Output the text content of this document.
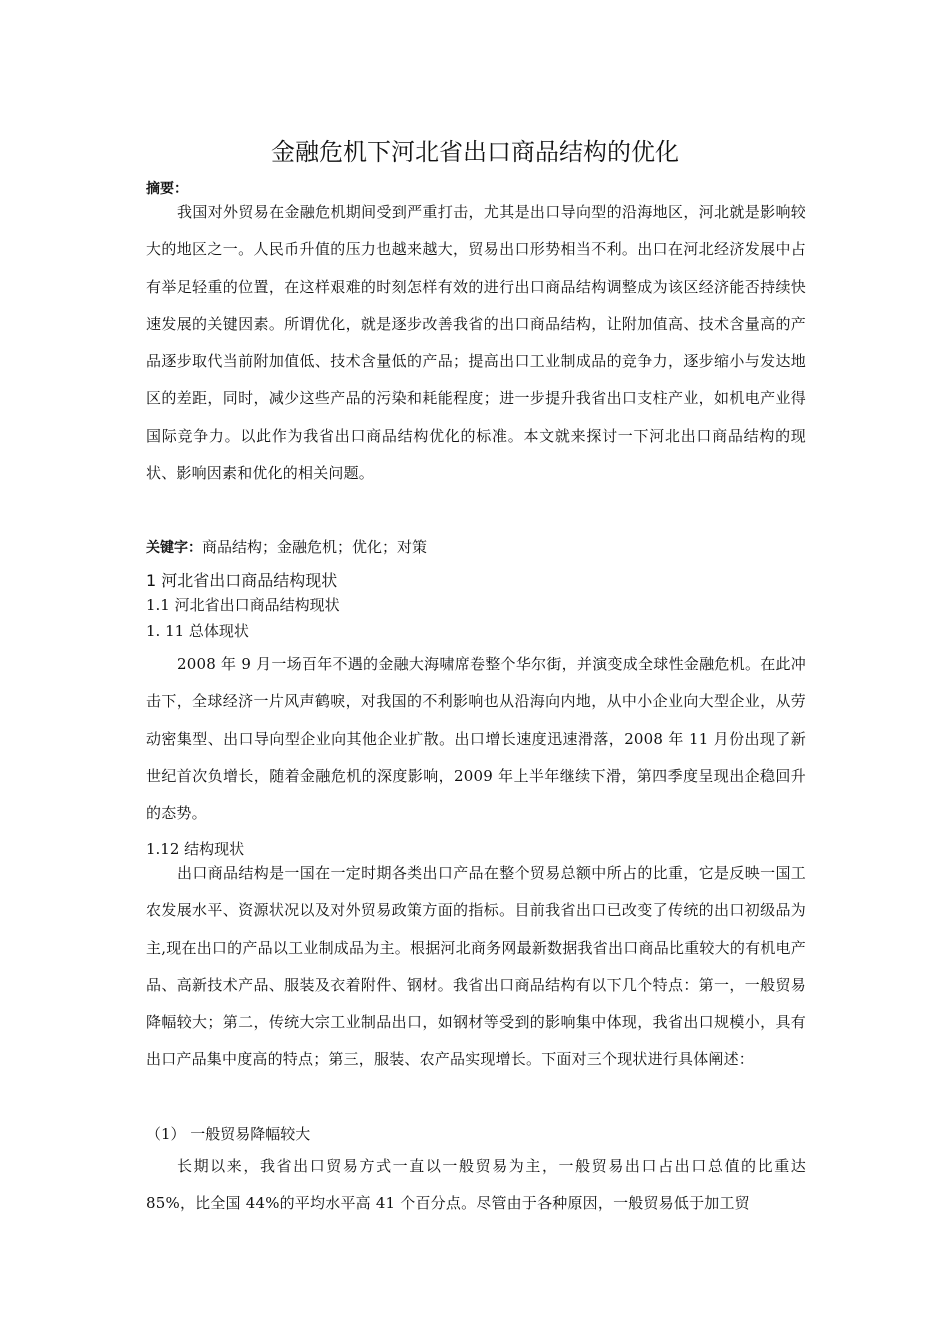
金融危机下河北省出口商品结构的优化
摘要：

我国对外贸易在金融危机期间受到严重打击，尤其是出口导向型的沿海地区，河北就是影响较大的地区之一。人民币升值的压力也越来越大，贸易出口形势相当不利。出口在河北经济发展中占有举足轻重的位置，在这样艰难的时刻怎样有效的进行出口商品结构调整成为该区经济能否持续快速发展的关键因素。所谓优化，就是逐步改善我省的出口商品结构，让附加值高、技术含量高的产品逐步取代当前附加值低、技术含量低的产品；提高出口工业制成品的竞争力，逐步缩小与发达地区的差距，同时，减少这些产品的污染和耗能程度；进一步提升我省出口支柱产业，如机电产业得国际竞争力。以此作为我省出口商品结构优化的标准。本文就来探讨一下河北出口商品结构的现状、影响因素和优化的相关问题。

关键字：商品结构；金融危机；优化；对策
1 河北省出口商品结构现状
1.1 河北省出口商品结构现状
1. 11 总体现状

2008 年 9 月一场百年不遇的金融大海啸席卷整个华尔街，并演变成全球性金融危机。在此冲击下，全球经济一片风声鹤唳，对我国的不利影响也从沿海向内地，从中小企业向大型企业，从劳动密集型、出口导向型企业向其他企业扩散。出口增长速度迅速滑落，2008 年 11 月份出现了新世纪首次负增长，随着金融危机的深度影响，2009 年上半年继续下滑，第四季度呈现出企稳回升的态势。

1.12 结构现状

出口商品结构是一国在一定时期各类出口产品在整个贸易总额中所占的比重，它是反映一国工农发展水平、资源状况以及对外贸易政策方面的指标。目前我省出口已改变了传统的出口初级品为主,现在出口的产品以工业制成品为主。根据河北商务网最新数据我省出口商品比重较大的有机电产品、高新技术产品、服装及衣着附件、钢材。我省出口商品结构有以下几个特点：第一，一般贸易降幅较大；第二，传统大宗工业制品出口，如钢材等受到的影响集中体现，我省出口规模小，具有出口产品集中度高的特点；第三，服装、农产品实现增长。下面对三个现状进行具体阐述：

（1） 一般贸易降幅较大

长期以来，我省出口贸易方式一直以一般贸易为主，一般贸易出口占出口总值的比重达 85%，比全国 44%的平均水平高 41 个百分点。尽管由于各种原因，一般贸易低于加工贸
